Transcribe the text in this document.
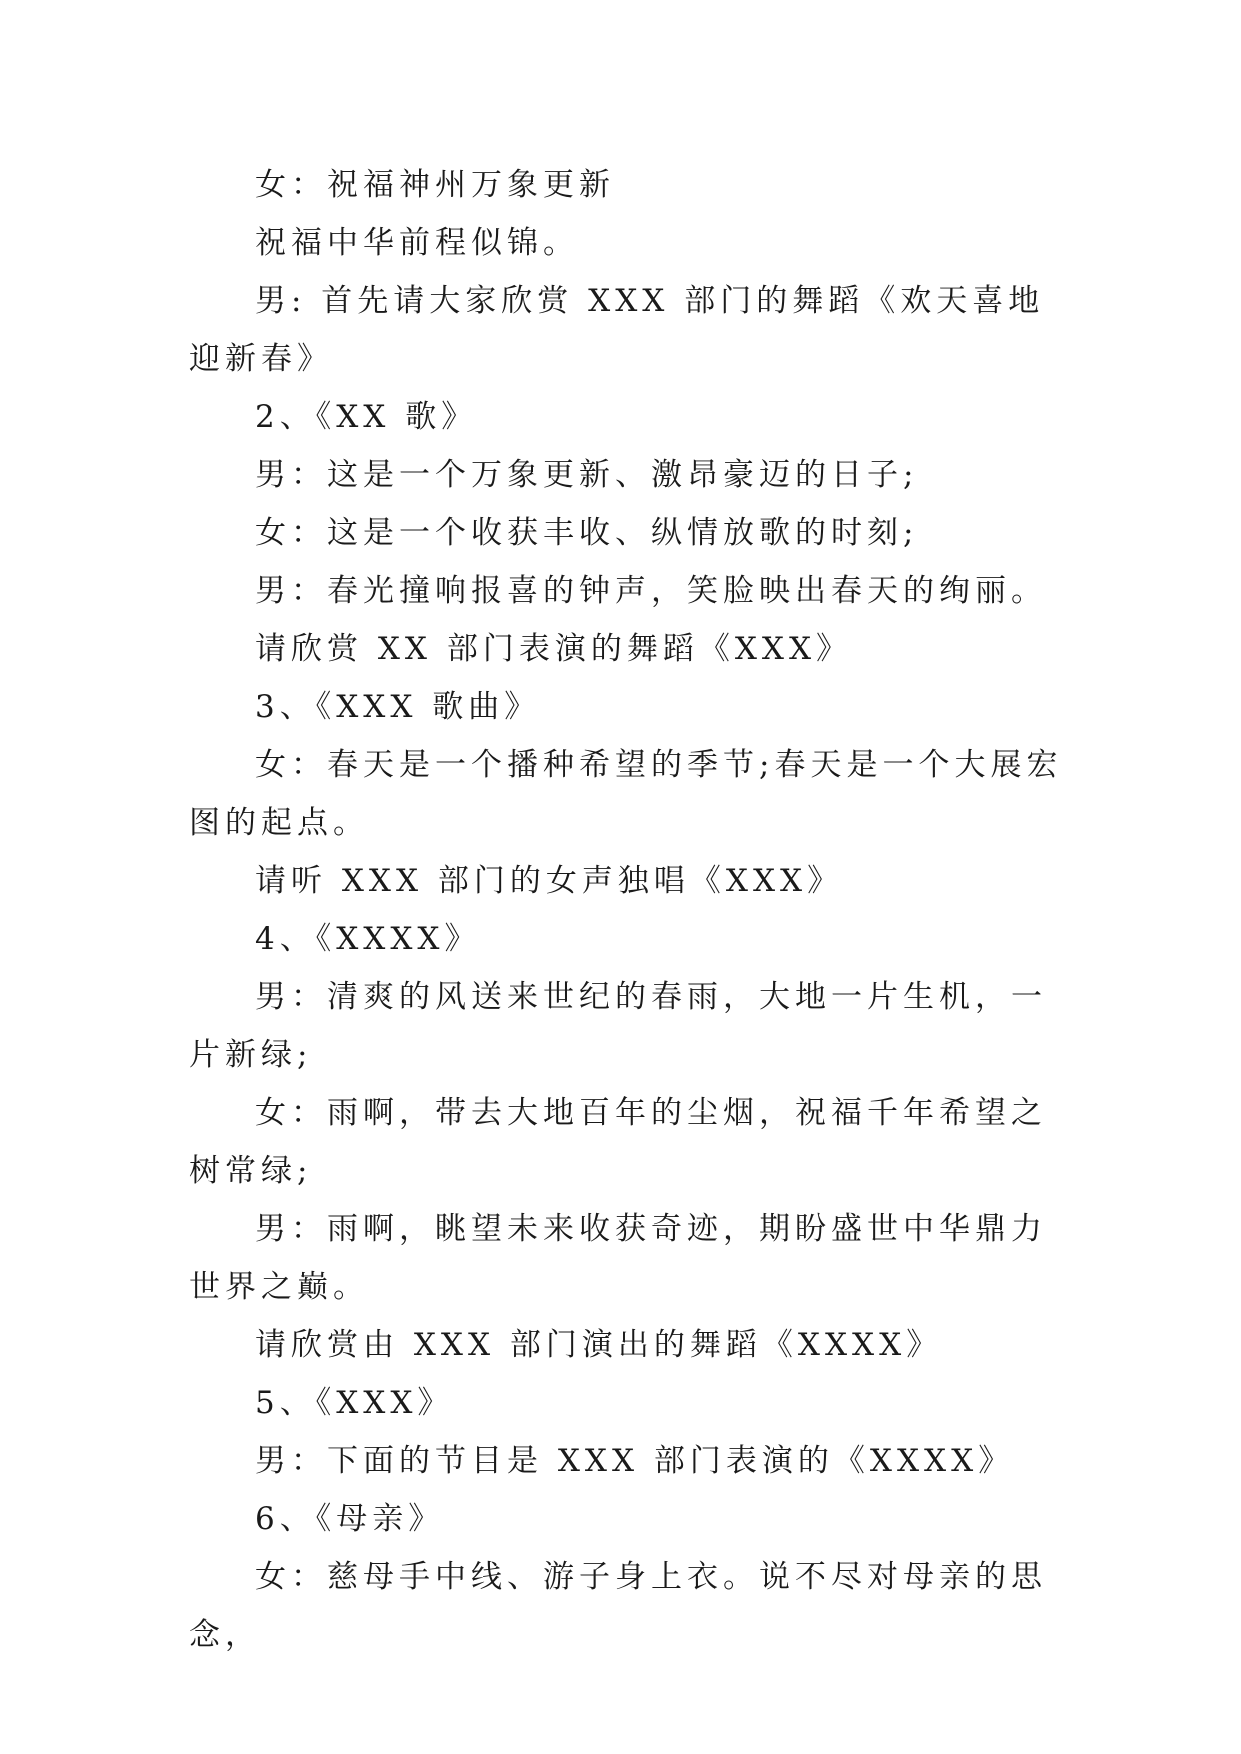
女：祝福神州万象更新

祝福中华前程似锦。

男: 首先请大家欣赏 XXX 部门的舞蹈《欢天喜地迎新春》

2、《XX 歌》

男：这是一个万象更新、激昂豪迈的日子;

女：这是一个收获丰收、纵情放歌的时刻;

男：春光撞响报喜的钟声，笑脸映出春天的绚丽。

请欣赏 XX 部门表演的舞蹈《XXX》

3、《XXX 歌曲》

女：春天是一个播种希望的季节;春天是一个大展宏图的起点。

请听 XXX 部门的女声独唱《XXX》

4、《XXXX》

男：清爽的风送来世纪的春雨，大地一片生机，一片新绿;

女：雨啊，带去大地百年的尘烟，祝福千年希望之树常绿;

男：雨啊，眺望未来收获奇迹，期盼盛世中华鼎力世界之巅。

请欣赏由 XXX 部门演出的舞蹈《XXXX》

5、《XXX》

男：下面的节目是 XXX 部门表演的《XXXX》

6、《母亲》

女：慈母手中线、游子身上衣。说不尽对母亲的思念，
